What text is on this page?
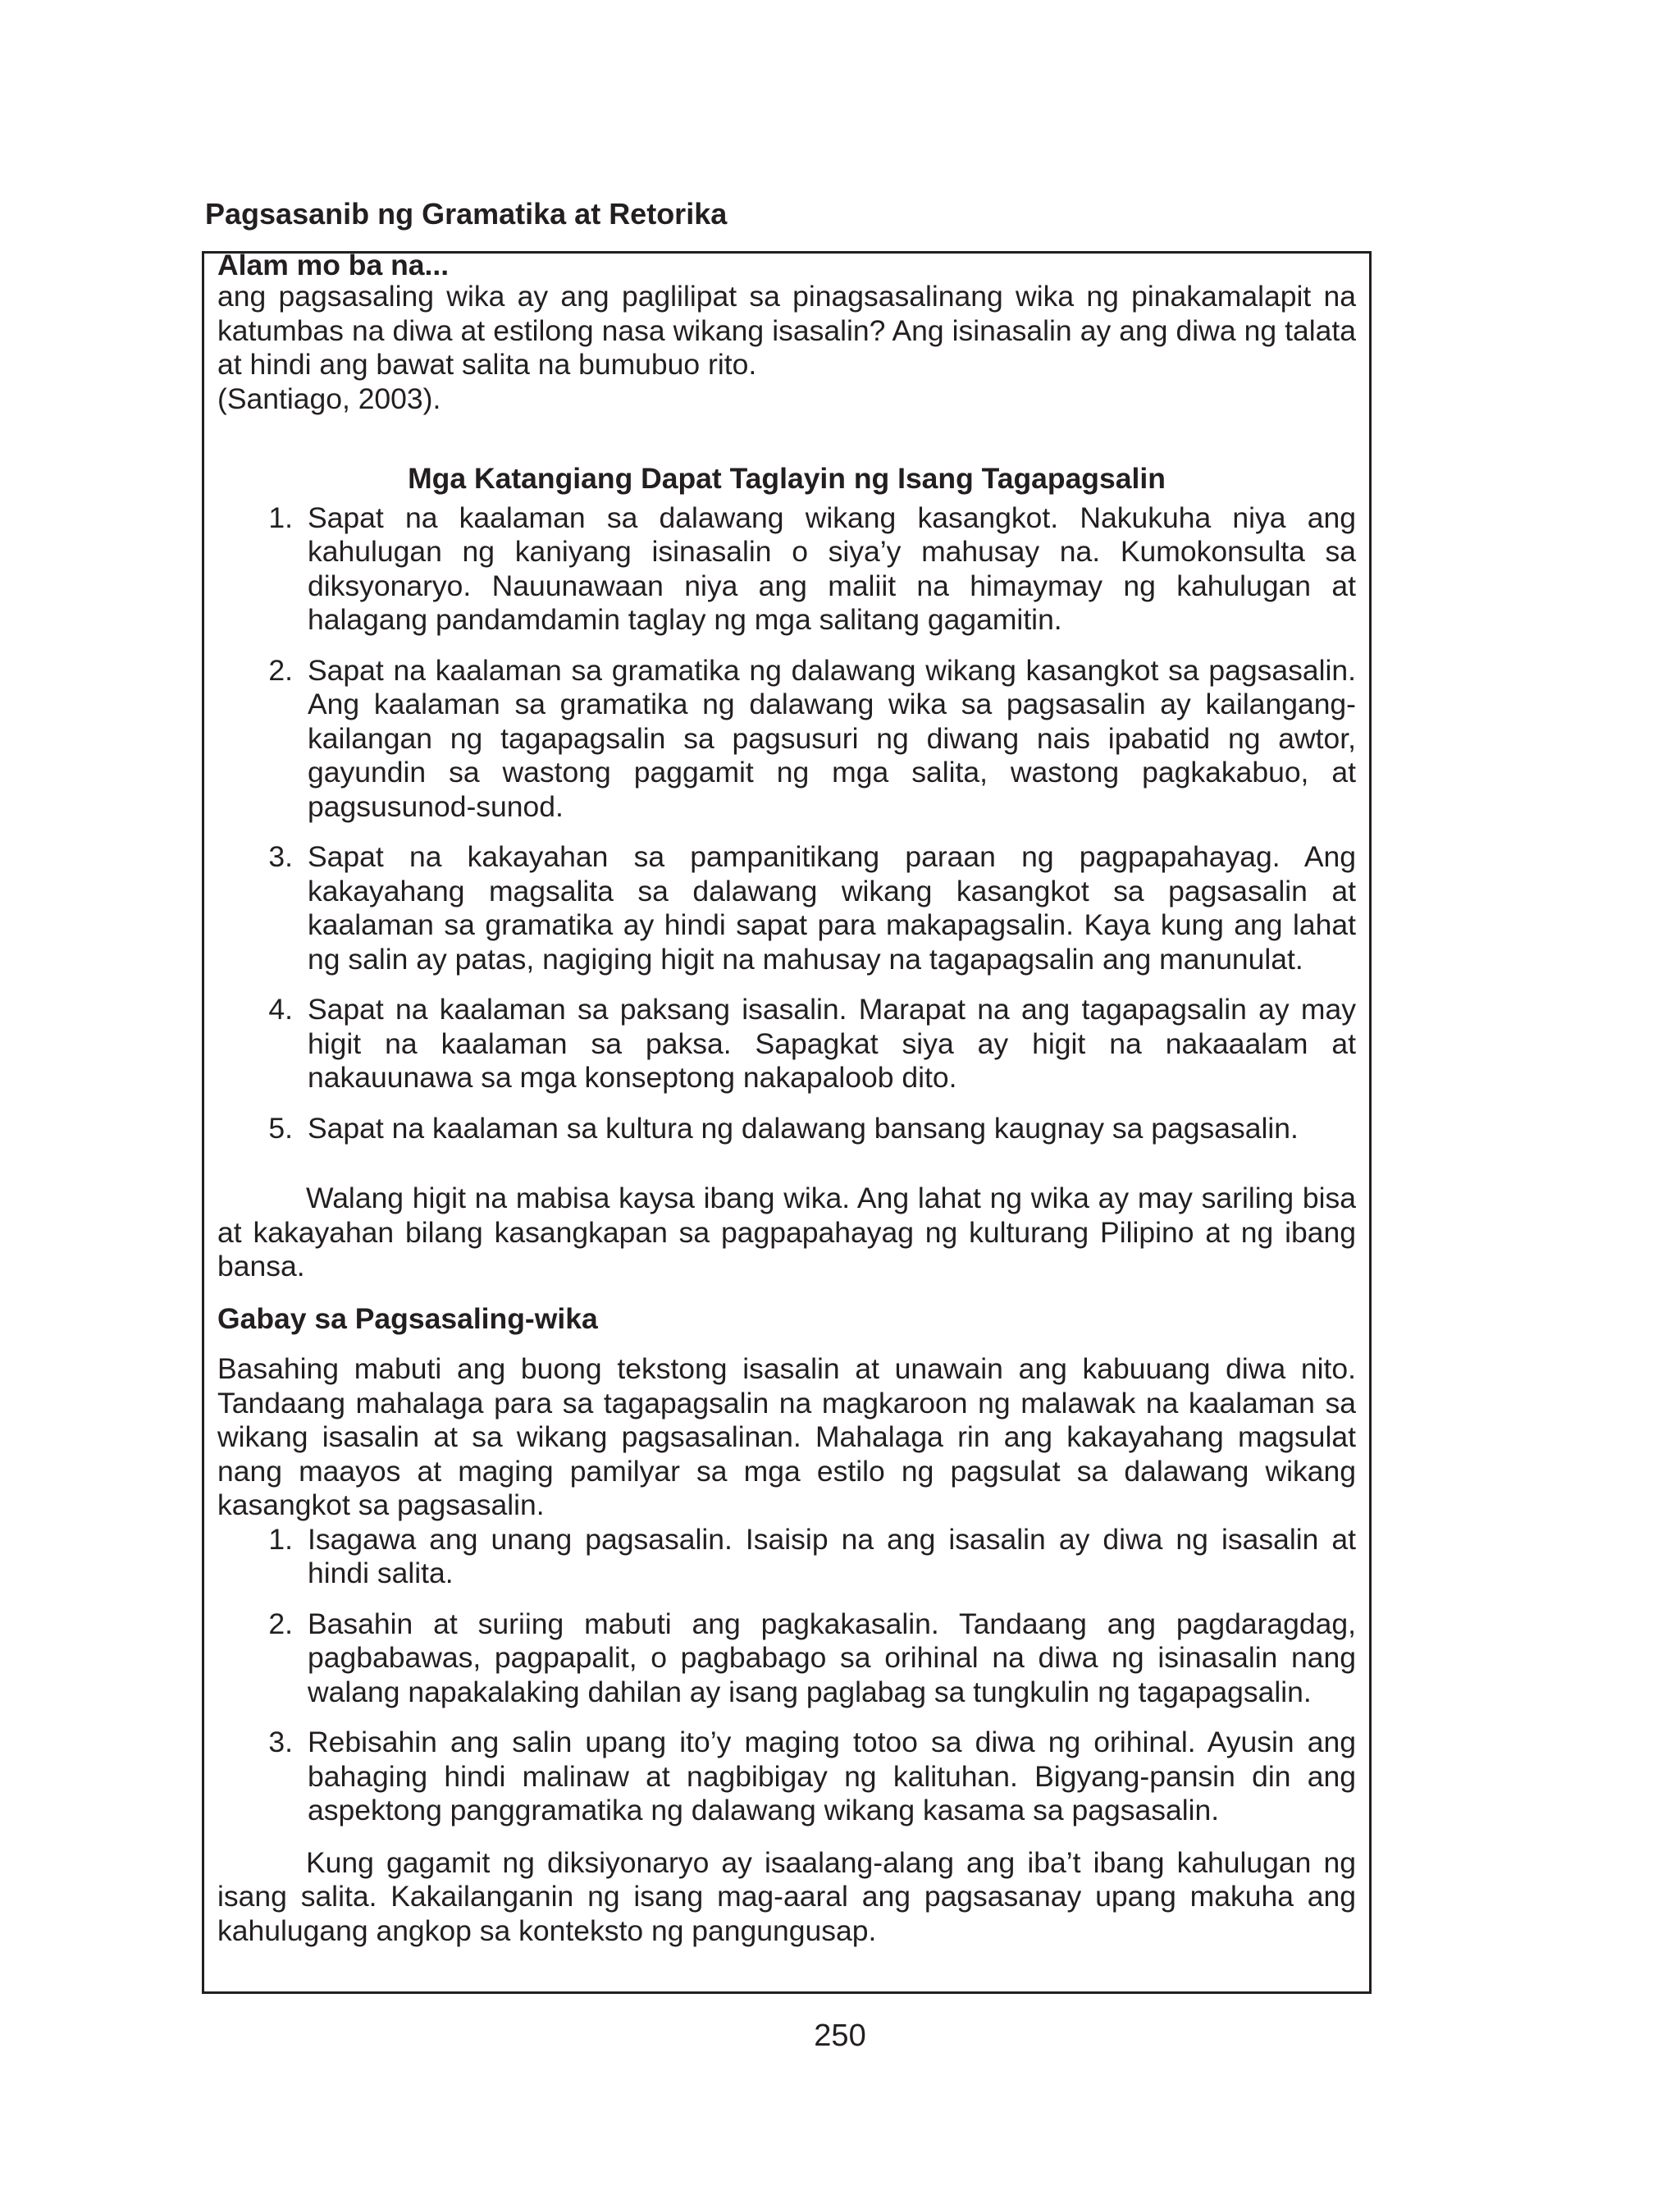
Pagsasanib ng Gramatika at Retorika
Alam mo ba na...

ang pagsasaling wika ay ang paglilipat sa pinagsasalinang wika ng pinakamalapit na katumbas na diwa at estilong nasa wikang isasalin? Ang isinasalin ay ang diwa ng talata at hindi ang bawat salita na bumubuo rito.

(Santiago, 2003).

Mga Katangiang Dapat Taglayin ng Isang Tagapagsalin
1. Sapat na kaalaman sa dalawang wikang kasangkot. Nakukuha niya ang kahulugan ng kaniyang isinasalin o siya’y mahusay na. Kumokonsulta sa diksyonaryo. Nauunawaan niya ang maliit na himaymay ng kahulugan at halagang pandamdamin taglay ng mga salitang gagamitin.
2. Sapat na kaalaman sa gramatika ng dalawang wikang kasangkot sa pagsasalin. Ang kaalaman sa gramatika ng dalawang wika sa pagsasalin ay kailangang-kailangan ng tagapagsalin sa pagsusuri ng diwang nais ipabatid ng awtor, gayundin sa wastong paggamit ng mga salita, wastong pagkakabuo, at pagsusunod-sunod.
3. Sapat na kakayahan sa pampanitikang paraan ng pagpapahayag. Ang kakayahang magsalita sa dalawang wikang kasangkot sa pagsasalin at kaalaman sa gramatika ay hindi sapat para makapagsalin. Kaya kung ang lahat ng salin ay patas, nagiging higit na mahusay na tagapagsalin ang manunulat.
4. Sapat na kaalaman sa paksang isasalin. Marapat na ang tagapagsalin ay may higit na kaalaman sa paksa. Sapagkat siya ay higit na nakaaalam at nakauunawa sa mga konseptong nakapaloob dito.
5. Sapat na kaalaman sa kultura ng dalawang bansang kaugnay sa pagsasalin.

Walang higit na mabisa kaysa ibang wika. Ang lahat ng wika ay may sariling bisa at kakayahan bilang kasangkapan sa pagpapahayag ng kulturang Pilipino at ng ibang bansa.

Gabay sa Pagsasaling-wika

Basahing mabuti ang buong tekstong isasalin at unawain ang kabuuang diwa nito. Tandaang mahalaga para sa tagapagsalin na magkaroon ng malawak na kaalaman sa wikang isasalin at sa wikang pagsasalinan. Mahalaga rin ang kakayahang magsulat nang maayos at maging pamilyar sa mga estilo ng pagsulat sa dalawang wikang kasangkot sa pagsasalin.

1. Isagawa ang unang pagsasalin. Isaisip na ang isasalin ay diwa ng isasalin at hindi salita.
2. Basahin at suriing mabuti ang pagkakasalin. Tandaang ang pagdaragdag, pagbabawas, pagpapalit, o pagbabago sa orihinal na diwa ng isinasalin nang walang napakalaking dahilan ay isang paglabag sa tungkulin ng tagapagsalin.
3. Rebisahin ang salin upang ito’y maging totoo sa diwa ng orihinal. Ayusin ang bahaging hindi malinaw at nagbibigay ng kalituhan. Bigyang-pansin din ang aspektong panggramatika ng dalawang wikang kasama sa pagsasalin.

Kung gagamit ng diksiyonaryo ay isaalang-alang ang iba’t ibang kahulugan ng isang salita. Kakailanganin ng isang mag-aaral ang pagsasanay upang makuha ang kahulugang angkop sa konteksto ng pangungusap.

250
